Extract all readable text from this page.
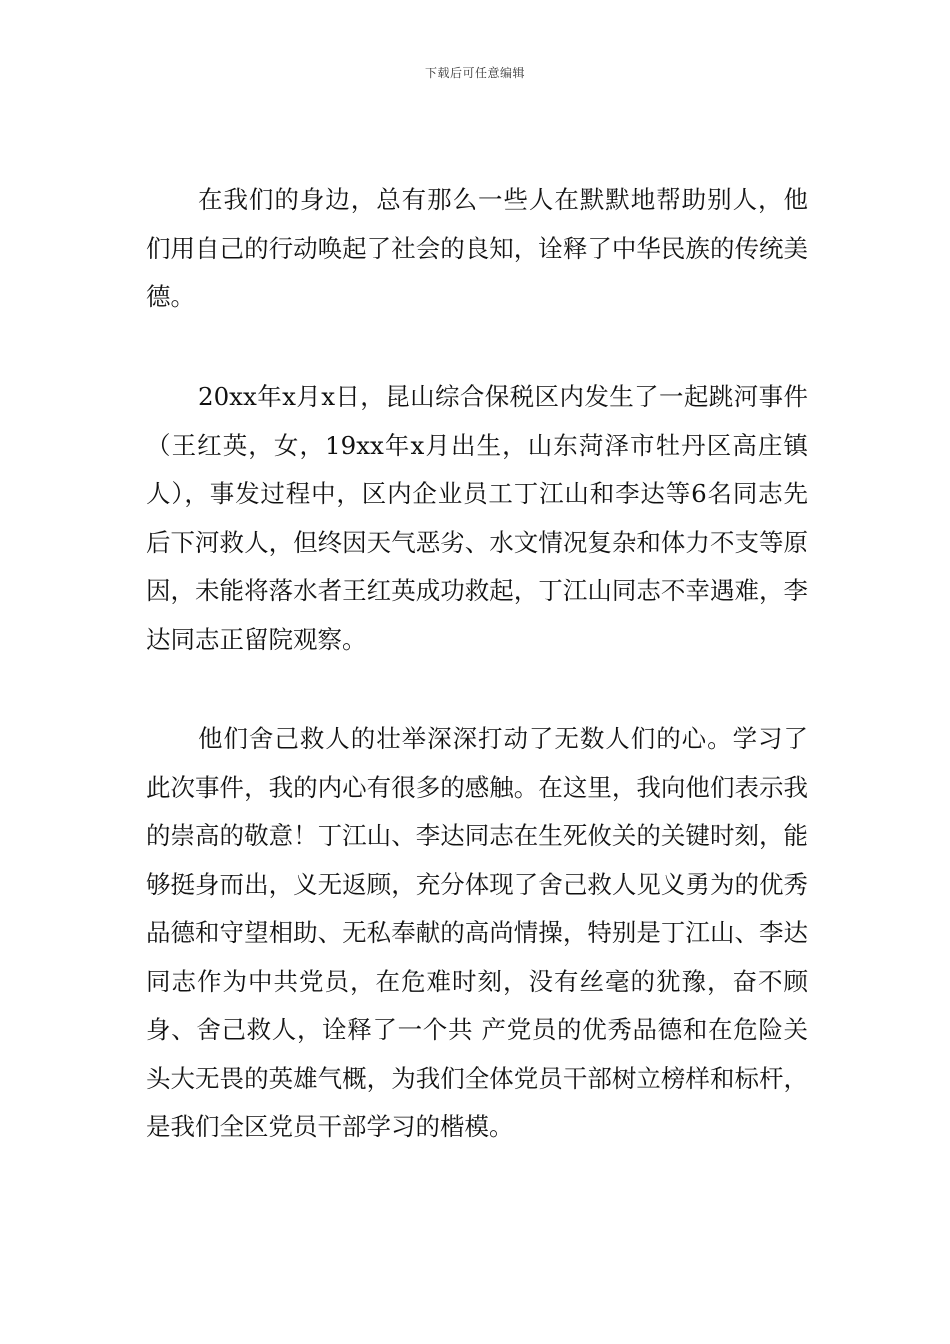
下载后可任意编辑

在我们的身边，总有那么一些人在默默地帮助别人，他们用自己的行动唤起了社会的良知，诠释了中华民族的传统美德。

20xx年x月x日，昆山综合保税区内发生了一起跳河事件（王红英，女，19xx年x月出生，山东菏泽市牡丹区高庄镇人），事发过程中，区内企业员工丁江山和李达等6名同志先后下河救人，但终因天气恶劣、水文情况复杂和体力不支等原因，未能将落水者王红英成功救起，丁江山同志不幸遇难，李达同志正留院观察。

他们舍己救人的壮举深深打动了无数人们的心。学习了此次事件，我的内心有很多的感触。在这里，我向他们表示我的崇高的敬意！丁江山、李达同志在生死攸关的关键时刻，能够挺身而出，义无返顾，充分体现了舍己救人见义勇为的优秀品德和守望相助、无私奉献的高尚情操，特别是丁江山、李达同志作为中共党员，在危难时刻，没有丝毫的犹豫，奋不顾身、舍己救人，诠释了一个共 产党员的优秀品德和在危险关头大无畏的英雄气概，为我们全体党员干部树立榜样和标杆，是我们全区党员干部学习的楷模。
